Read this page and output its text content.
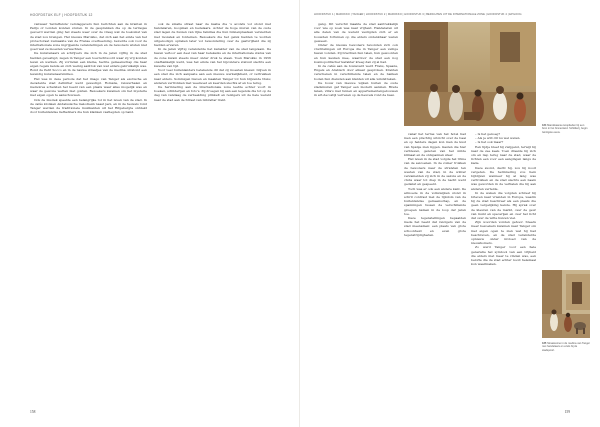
HOOFDSTUK ELF | HOOFDSTUK 12

vanwaar 'betreffende' verslaggevers hun berichten aan de kranten in Parijs of Londen konden sturen. In de gesprekken die op de terrasjes gevoerd werden ging het steeds weer over de vraag wat de toekomst van de stad zou brengen. Het nieuwe Marokko, dat zich aan het einde van het protectoraat losmaakte van de Franse overheersing, beloofde ook voor de internationale zone ingrijpende veranderingen en de bewoners wisten niet goed wat ze moesten verwachten.

De kunstenaars en schrijvers die zich in de jaren vijftig in de stad hadden gevestigd, zagen in Tanger een toevluchtsoord waar zij vrij konden leven en werken. Zij vormden een kleine, hechte gemeenschap die haar eigen regels kende en zich weinig aantrok van wat elders gebruikelijk was. Rond de Petit Socco en in de nauwe straatjes van de medina ontstond een levendig kunstenaarsmilieu.

Het was in deze periode dat het imago van Tanger als exotische en decadente stad definitief werd gevestigd. Romans, reisverhalen en memoires schetsten het beeld van een plaats waar alles mogelijk was en waar de gewone wetten niet golden. Bezoekers kwamen om het mysterie met eigen ogen te aanschouwen.

Ook de muziek speelde een belangrijke rol in het leven van de stad. In de cafés klonken Andalusische melodieën naast jazz, en in de heuvels rond Tanger werden de traditionele muzikanten uit het Rifgebergte ontdekt door buitenlandse liefhebbers die hun klanken vastlegden op band.

ook de smalle straat naar de kasba die 's avonds vol stond met handelaren, koopman en bedelaars. Achter de hoge muren van de oude stad lagen de huizen van rijke families die hun binnenplaatsen versierden met mozaïek en fonteinen. Bezoekers die het geluk hadden te worden uitgenodigd, spraken later vol bewondering over de gastvrijheid die zij hadden ervaren.

In de jaren vijftig veranderde het karakter van de stad langzaam. De haven verloor een deel van haar betekenis en de internationale status van de zone kwam steeds meer onder druk te staan. Toen Marokko in 1956 onafhankelijk werd, was het einde van het bijzondere statuut slechts een kwestie van tijd.

Voor veel buitenlanders betekende dit dat zij moesten kiezen: blijven in een stad die zich aanpaste aan een nieuwe werkelijkheid, of vertrekken naar elders. Sommigen bleven en maakten Tanger tot hun blijvende thuis; anderen vertrokken met weemoed en keerden slechts af en toe terug.

De herinnering aan de internationale zone leefde echter voort in boeken, schilderijen en foto's. Zij droegen bij aan een legende die tot op de dag van vandaag de verbeelding prikkelt en reizigers uit de hele wereld naar de stad aan de Straat van Gibraltar trekt.

158
HOOFDSTUK 1 | MAROKKO | TANGER | HOOFDSTUK 2 | MAROKKO | HOOFDSTUK 3 | BERICHTEN UIT DE INTERNATIONALE ZONE | HOOFDSTUK 4 | EPILOOG

gang. Dit verschil maakte de stad aantrekkelijk voor wie op zoek was naar vrijheid. Handelaren uit alle delen van de wereld vestigden zich er en bouwden fortuinen op die elders ondenkbaar waren geweest.

Onder de nieuwe bewoners bevonden zich ook vluchtelingen uit Europa die in Tanger een veilige haven vonden. Zij brachten hun talen, hun gewoonten en hun keuken mee, waardoor de stad een nog kosmopolitischer karakter kreeg dan zij al had.

In de cafés aan de boulevard werd Frans, Spaans, Engels en Arabisch door elkaar gesproken. Kranten verschenen in verschillende talen en de banken boden hun diensten aan klanten uit alle windstreken.

De bouw van nieuwe wijken buiten de oude stadsmuren gaf Tanger een modern aanzien. Brede lanen, villa's met tuinen en appartementengebouwen in art-decostijl verrezen op de heuvels rond de baai.

vanaf het terras van het hotel had men een prachtig uitzicht over de baai en op heldere dagen kon men de kust van Spanje zien liggen. Gasten die hier verbleven, genoten van het milde klimaat en de ontspannen sfeer.

Het leven in de stad volgde het ritme van de seizoenen. In de zomer trokken de bewoners naar de stranden ten westen van de stad, in de winter verzamelden zij zich in de salons en de clubs waar tot diep in de nacht werd gedanst en gespeeld.

Toch was er ook een andere kant. De armoede in de volkswijken stond in schril contrast met de rijkdom van de buitenlandse gemeenschap, en de spanningen tussen de verschillende groepen namen in de loop der jaren toe.

Deze tegenstellingen bepaalden mede het beeld dat reizigers van de stad meenamen: een plaats van grote schoonheid en even grote tegenstrijdigheden.

– Is het genoeg?

– Als je wilt dit nu wel weten.

– Is het ook maar?

Een tijdje bleef hij zwijgend, terwijl hij naar de zee keek. Toen draaide hij zich om en liep terug naar de stad, waar de lichten een voor een aangingen langs de kade.

Deze avond, dacht hij, zou hij nooit vergeten. De herinnering zou hem bijblijven wanneer hij al lang was vertrokken en de stad slechts een naam was geworden in de verhalen die hij aan anderen vertelde.

In de weken die volgden schreef hij brieven naar vrienden in Europa, waarin hij de stad beschreef als een plaats die geen vergelijking kende. Hij sprak over de kleuren van de markt, over de geur van munt en specerijen en over het licht dat over de witte huizen viel.

Zijn woorden vonden gehoor. Steeds meer bezoekers kwamen naar Tanger om met eigen ogen te zien wat hij had beschreven, en de stad veranderde opnieuw onder invloed van de nieuwkomers.

Zo werd Tanger voor een hele generatie het symbool van een vrijheid die elders niet meer te vinden was, een belofte die de stad echter nooit helemaal kon waarmaken.

184 Marokkaanse kooplieden bij een bron in het binnenland. Schilderij, begin twintigste eeuw.
185 Straatscène in de medina van Tanger met handelaars en ezels bij de stadspoort.
159
